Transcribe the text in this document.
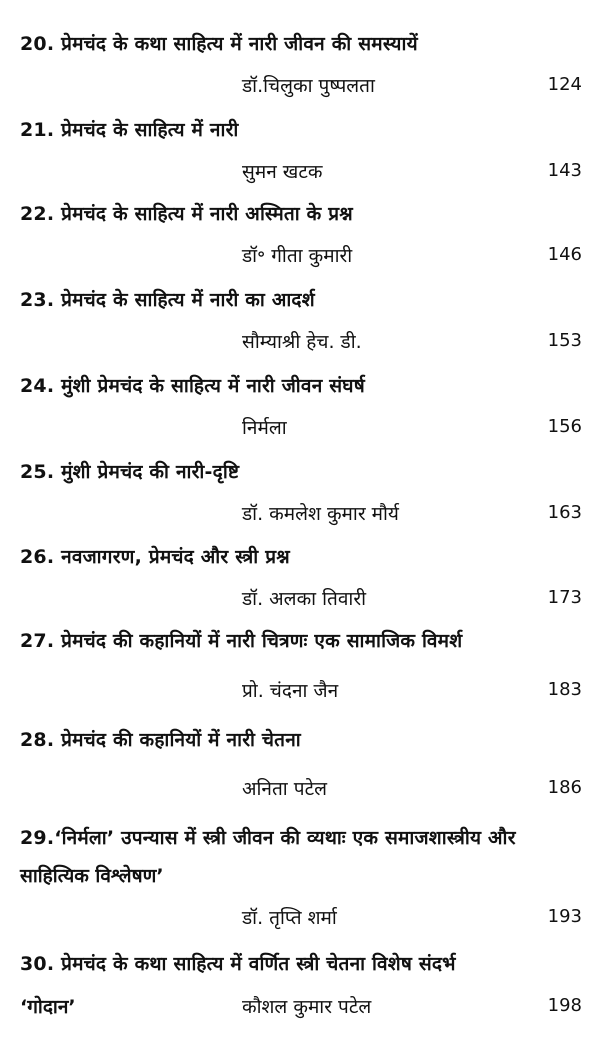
20. प्रेमचंद के कथा साहित्य में नारी जीवन की समस्यायें
डॉ.चिलुका पुष्पलता	124
21. प्रेमचंद के साहित्य में नारी
सुमन खटक	143
22. प्रेमचंद के साहित्य में नारी अस्मिता के प्रश्न
डॉ॰ गीता कुमारी	146
23. प्रेमचंद के साहित्य में नारी का आदर्श
सौम्याश्री हेच. डी.	153
24. मुंशी प्रेमचंद के साहित्य में नारी जीवन संघर्ष
निर्मला	156
25. मुंशी प्रेमचंद की नारी-दृष्टि
डॉ. कमलेश कुमार मौर्य	163
26. नवजागरण, प्रेमचंद और स्त्री प्रश्न
डॉ. अलका तिवारी	173
27. प्रेमचंद की कहानियों में नारी चित्रणः एक सामाजिक विमर्श
प्रो. चंदना जैन	183
28. प्रेमचंद की कहानियों में नारी चेतना
अनिता पटेल	186
29.‘निर्मला’ उपन्यास में स्त्री जीवन की व्यथाः एक समाजशास्त्रीय और
साहित्यिक विश्लेषण’
डॉ. तृप्ति शर्मा	193
30. प्रेमचंद के कथा साहित्य में वर्णित स्त्री चेतना विशेष संदर्भ
‘गोदान’	कौशल कुमार पटेल	198
